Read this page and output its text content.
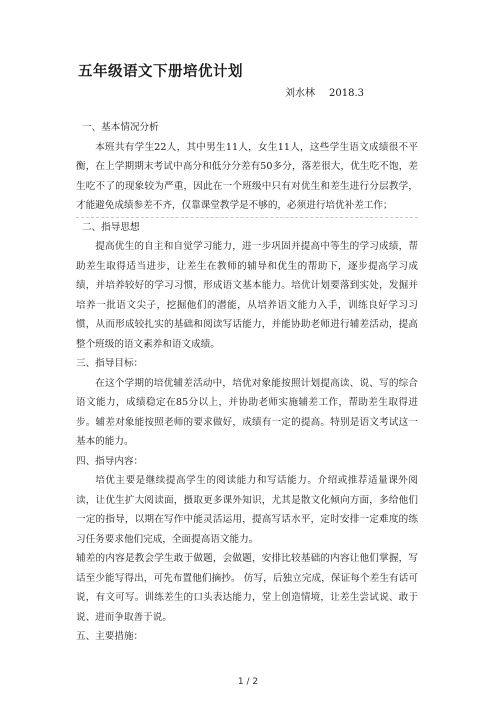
五年级语文下册培优计划
刘水林 2018.3
一、基本情况分析

本班共有学生22人，其中男生11人，女生11人，这些学生语文成绩很不平衡，在上学期期末考试中高分和低分分差有50多分，落差很大，优生吃不饱，差生吃不了的现象较为严重，因此在一个班级中只有对优生和差生进行分层教学，才能避免成绩参差不齐，仅靠课堂教学是不够的，必须进行培优补差工作；

二、指导思想

提高优生的自主和自觉学习能力，进一步巩固并提高中等生的学习成绩，帮助差生取得适当进步，让差生在教师的辅导和优生的帮助下，逐步提高学习成绩，并培养较好的学习习惯，形成语文基本能力。培优计划要落到实处，发掘并培养一批语文尖子，挖掘他们的潜能，从培养语文能力入手，训练良好学习习惯，从而形成较扎实的基础和阅读写话能力，并能协助老师进行辅差活动，提高整个班级的语文素养和语文成绩。

三、指导目标：

在这个学期的培优辅差活动中，培优对象能按照计划提高读、说、写的综合语文能力，成绩稳定在85分以上，并协助老师实施辅差工作，帮助差生取得进步。辅差对象能按照老师的要求做好，成绩有一定的提高。特别是语文考试这一基本的能力。

四、指导内容：

培优主要是继续提高学生的阅读能力和写话能力。介绍或推荐适量课外阅读，让优生扩大阅读面，摄取更多课外知识，尤其是散文化倾向方面，多给他们一定的指导，以期在写作中能灵活运用，提高写话水平，定时安排一定难度的练习任务要求他们完成，全面提高语文能力。

辅差的内容是教会学生敢于做题，会做题，安排比较基础的内容让他们掌握，写话至少能写得出，可先布置他们摘抄。 仿写，后独立完成，保证每个差生有话可说，有文可写。训练差生的口头表达能力，堂上创造情境，让差生尝试说、敢于说、进而争取善于说。

五、主要措施：
1 / 2
